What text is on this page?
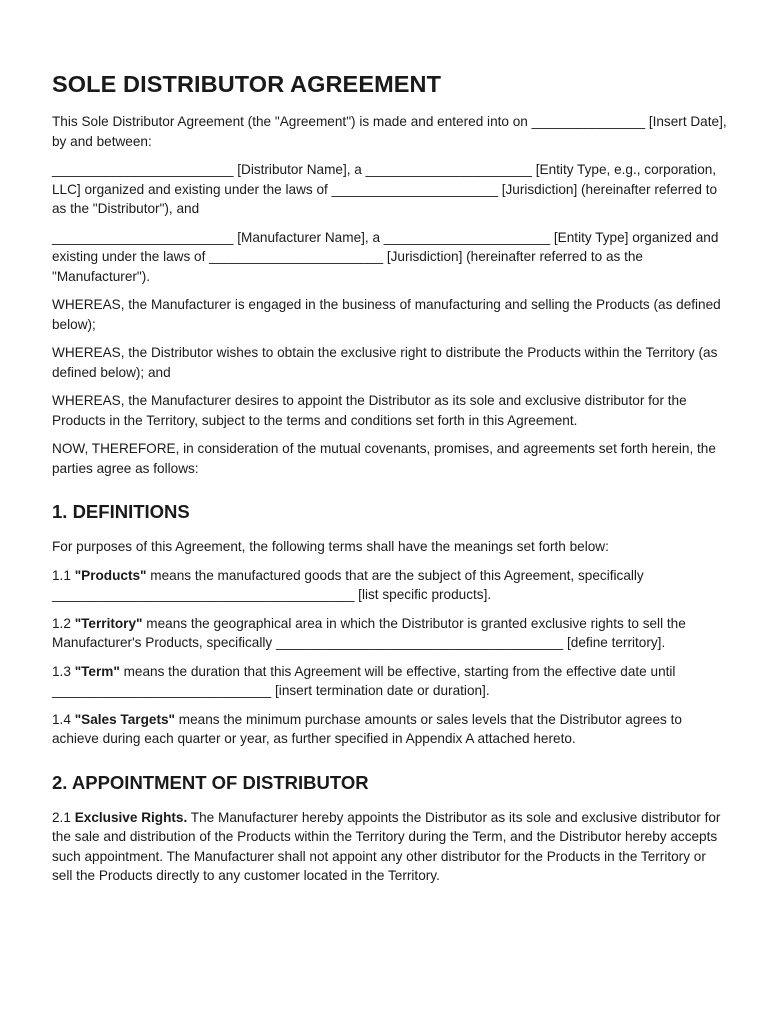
SOLE DISTRIBUTOR AGREEMENT

This Sole Distributor Agreement (the "Agreement") is made and entered into on _______________ [Insert Date], by and between:

________________________ [Distributor Name], a ______________________ [Entity Type, e.g., corporation, LLC] organized and existing under the laws of ______________________ [Jurisdiction] (hereinafter referred to as the "Distributor"), and

________________________ [Manufacturer Name], a ______________________ [Entity Type] organized and existing under the laws of _______________________ [Jurisdiction] (hereinafter referred to as the "Manufacturer").

WHEREAS, the Manufacturer is engaged in the business of manufacturing and selling the Products (as defined below);

WHEREAS, the Distributor wishes to obtain the exclusive right to distribute the Products within the Territory (as defined below); and

WHEREAS, the Manufacturer desires to appoint the Distributor as its sole and exclusive distributor for the Products in the Territory, subject to the terms and conditions set forth in this Agreement.

NOW, THEREFORE, in consideration of the mutual covenants, promises, and agreements set forth herein, the parties agree as follows:

1. DEFINITIONS

For purposes of this Agreement, the following terms shall have the meanings set forth below:

1.1 "Products" means the manufactured goods that are the subject of this Agreement, specifically ________________________________________ [list specific products].

1.2 "Territory" means the geographical area in which the Distributor is granted exclusive rights to sell the Manufacturer's Products, specifically ______________________________________ [define territory].

1.3 "Term" means the duration that this Agreement will be effective, starting from the effective date until _____________________________ [insert termination date or duration].

1.4 "Sales Targets" means the minimum purchase amounts or sales levels that the Distributor agrees to achieve during each quarter or year, as further specified in Appendix A attached hereto.

2. APPOINTMENT OF DISTRIBUTOR

2.1 Exclusive Rights. The Manufacturer hereby appoints the Distributor as its sole and exclusive distributor for the sale and distribution of the Products within the Territory during the Term, and the Distributor hereby accepts such appointment. The Manufacturer shall not appoint any other distributor for the Products in the Territory or sell the Products directly to any customer located in the Territory.
